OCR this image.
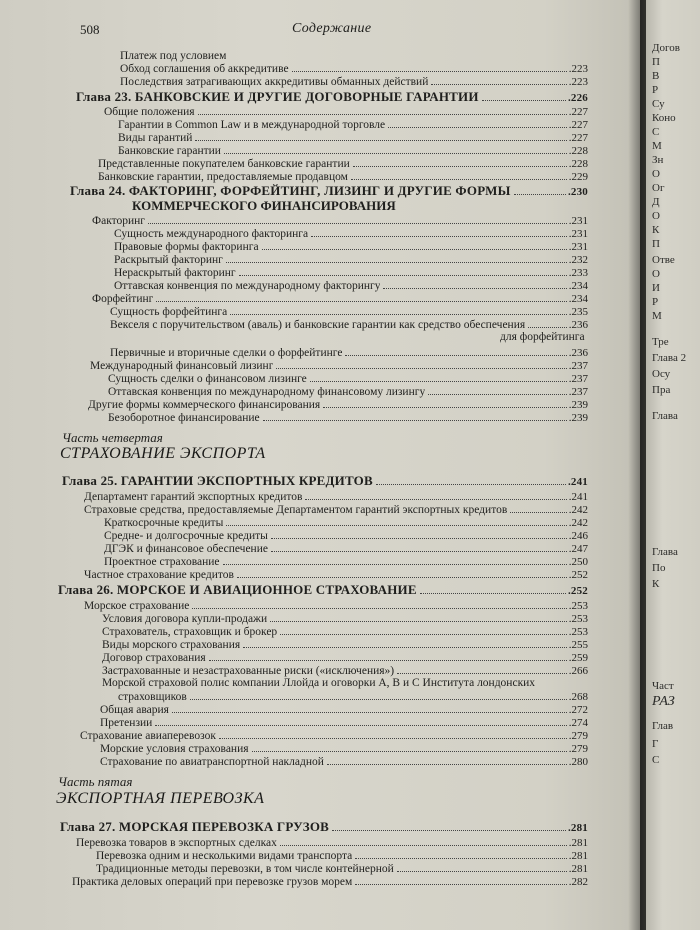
508	Содержание
Платеж под условием
Обход соглашения об аккредитиве	.223
Последствия затрагивающих аккредитивы обманных действий	.223
Глава 23. БАНКОВСКИЕ И ДРУГИЕ ДОГОВОРНЫЕ ГАРАНТИИ	.226
Общие положения	.227
Гарантии в Common Law и в международной торговле	.227
Виды гарантий	.227
Банковские гарантии	.228
Представленные покупателем банковские гарантии	.228
Банковские гарантии, предоставляемые продавцом	.229
Глава 24. ФАКТОРИНГ, ФОРФЕЙТИНГ, ЛИЗИНГ И ДРУГИЕ ФОРМЫ	.230
КОММЕРЧЕСКОГО ФИНАНСИРОВАНИЯ
Факторинг	.231
Сущность международного факторинга	.231
Правовые формы факторинга	.231
Раскрытый факторинг	.232
Нераскрытый факторинг	.233
Оттавская конвенция по международному факторингу	.234
Форфейтинг	.234
Сущность форфейтинга	.235
Векселя с поручительством (аваль) и банковские гарантии как средство обеспечения	.236
для форфейтинга
Первичные и вторичные сделки о форфейтинге	.236
Международный финансовый лизинг	.237
Сущность сделки о финансовом лизинге	.237
Оттавская конвенция по международному финансовому лизингу	.237
Другие формы коммерческого финансирования	.239
Безоборотное финансирование	.239
Часть четвертая
СТРАХОВАНИЕ ЭКСПОРТА
Глава 25. ГАРАНТИИ ЭКСПОРТНЫХ КРЕДИТОВ	.241
Департамент гарантий экспортных кредитов	.241
Страховые средства, предоставляемые Департаментом гарантий экспортных кредитов	.242
Краткосрочные кредиты	.242
Средне- и долгосрочные кредиты	.246
ДГЭК и финансовое обеспечение	.247
Проектное страхование	.250
Частное страхование кредитов	.252
Глава 26. МОРСКОЕ И АВИАЦИОННОЕ СТРАХОВАНИЕ	.252
Морское страхование	.253
Условия договора купли-продажи	.253
Страхователь, страховщик и брокер	.253
Виды морского страхования	.255
Договор страхования	.259
Застрахованные и незастрахованные риски («исключения»)	.266
Морской страховой полис компании Ллойда и оговорки А, В и С Института лондонских
страховщиков	.268
Общая авария	.272
Претензии	.274
Страхование авиаперевозок	.279
Морские условия страхования	.279
Страхование по авиатранспортной накладной	.280
Часть пятая
ЭКСПОРТНАЯ ПЕРЕВОЗКА
Глава 27. МОРСКАЯ ПЕРЕВОЗКА ГРУЗОВ	.281
Перевозка товаров в экспортных сделках	.281
Перевозка одним и несколькими видами транспорта	.281
Традиционные методы перевозки, в том числе контейнерной	.281
Практика деловых операций при перевозке грузов морем	.282
Догов
П
В
Р
Су
Коно
С
М
Зн
О
Ог
Д
О
К
П
Отве
О
И
Р
М
Тре
Глава 2
Осу
Пра
Глава
Глава
По
К
Част
РАЗ
Глав
Г
С
